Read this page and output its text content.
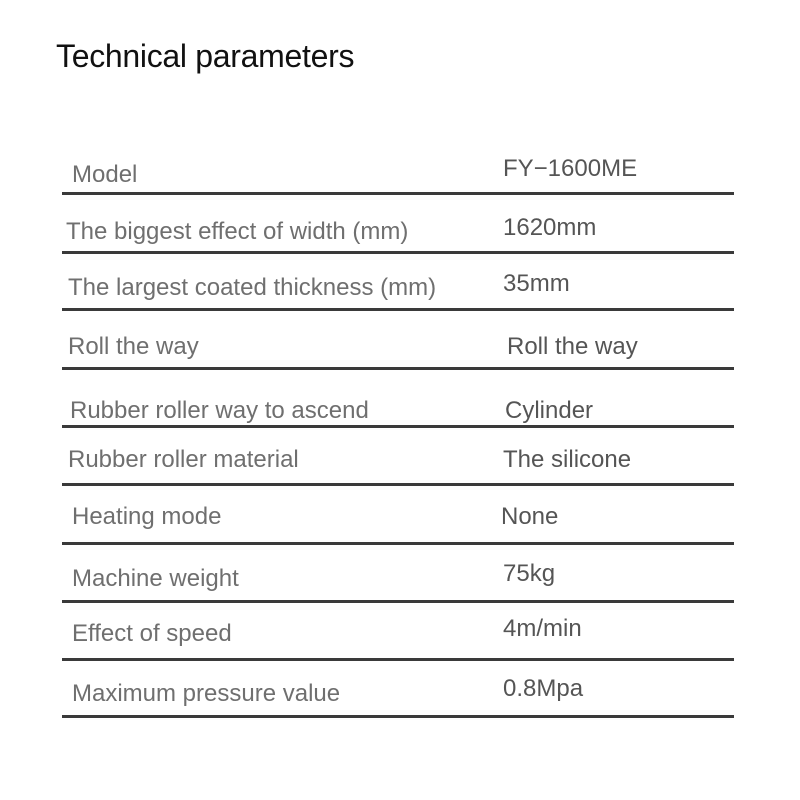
Technical parameters
Model	FY−1600ME
The biggest effect of width (mm)	1620mm
The largest coated thickness (mm)	35mm
Roll the way	Roll the way
Rubber roller way to ascend	Cylinder
Rubber roller material	The silicone
Heating mode	None
Machine weight	75kg
Effect of speed	4m/min
Maximum pressure value	0.8Mpa
